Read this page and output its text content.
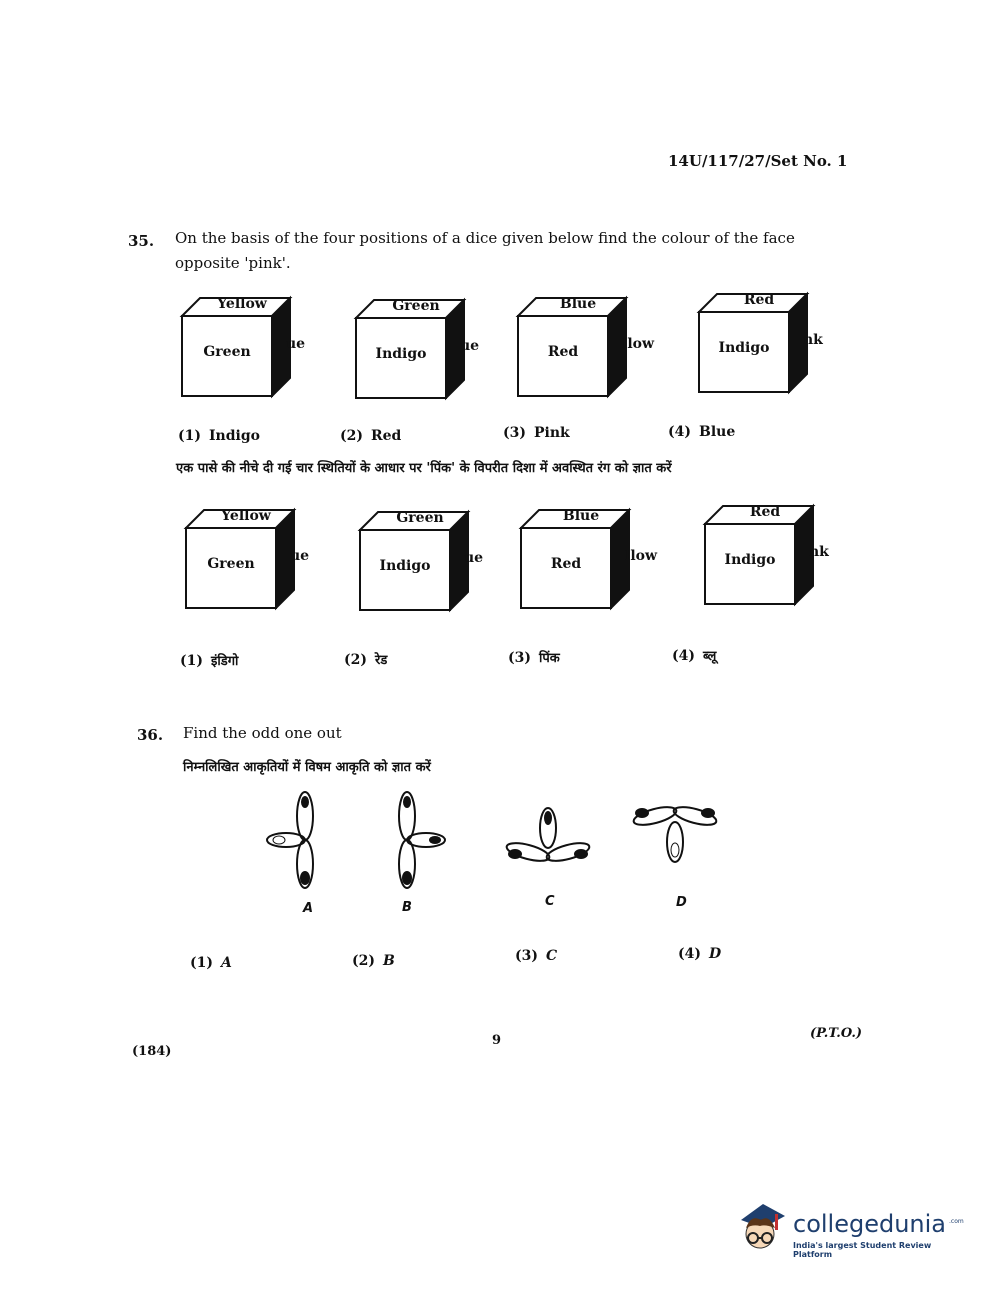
14U/117/27/Set No. 1
35. On the basis of the four positions of a dice given below find the colour of the face
opposite 'pink'.
Yellow
Green	ue
Green
Indigo	ue
Blue
Red	llow
Red
Indigo	nk
(1) Indigo	(2) Red	(3) Pink	(4) Blue
एक पासे की नीचे दी गई चार स्थितियों के आधार पर 'पिंक' के विपरीत दिशा में अवस्थित रंग को ज्ञात करें
Yellow
Green	ue
Green
Indigo	ue
Blue
Red	llow
Red
Indigo	nk
(1) इंडिगो	(2) रेड	(3) पिंक	(4) ब्लू
36. Find the odd one out
निम्नलिखित आकृतियों में विषम आकृति को ज्ञात करें
A	B	C	D
(1) A	(2) B	(3) C	(4) D
(184)
9	(P.T.O.)
collegedunia .com
India's largest Student Review Platform
